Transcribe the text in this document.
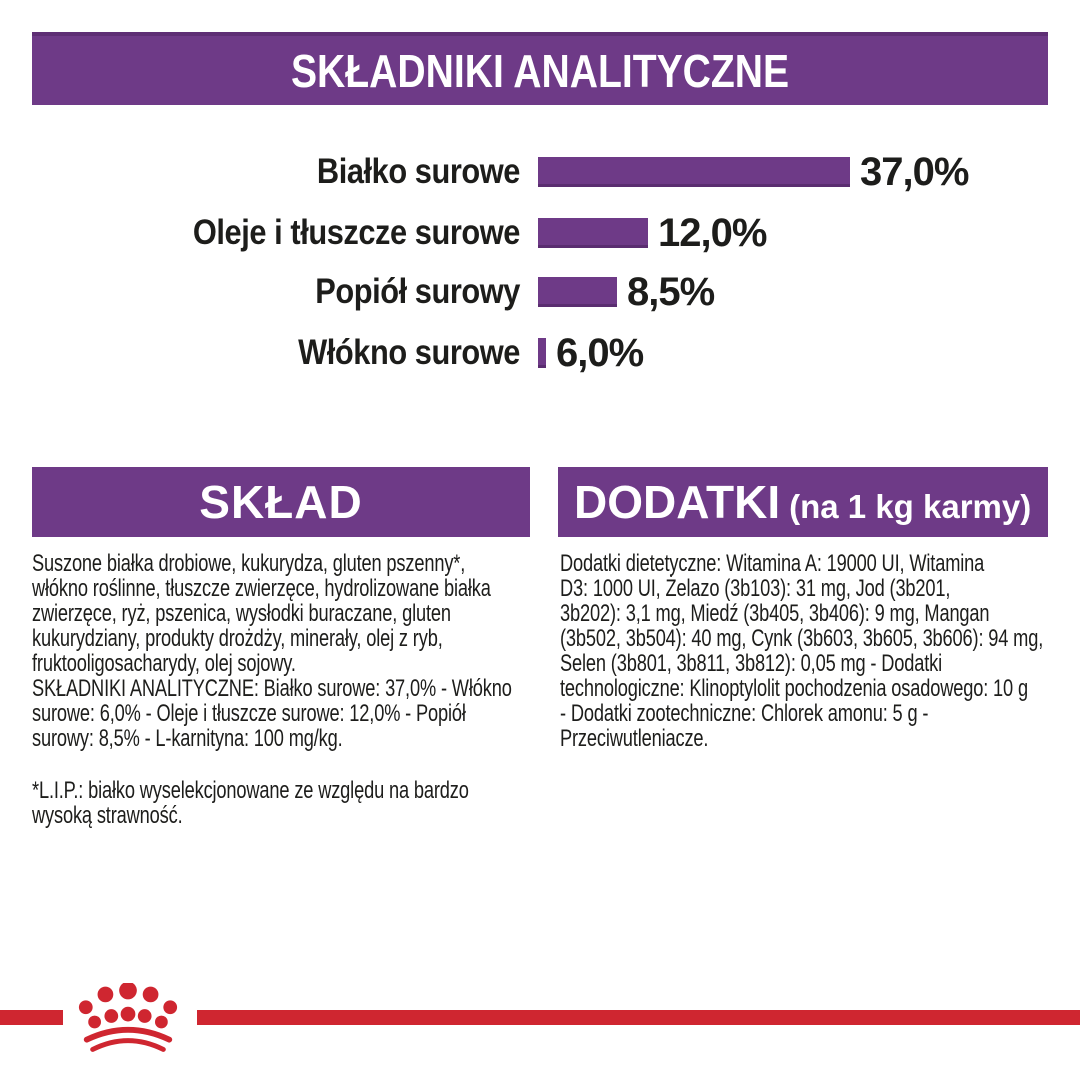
SKŁADNIKI ANALITYCZNE
Białko surowe	37,0%
Oleje i tłuszcze surowe	12,0%
Popiół surowy	8,5%
Włókno surowe 6,0%
SKŁAD	DODATKI (na 1 kg karmy)
Suszone białka drobiowe, kukurydza, gluten pszenny*,
włókno roślinne, tłuszcze zwierzęce, hydrolizowane białka
zwierzęce, ryż, pszenica, wysłodki buraczane, gluten
kukurydziany, produkty drożdży, minerały, olej z ryb,
fruktooligosacharydy, olej sojowy.
SKŁADNIKI ANALITYCZNE: Białko surowe: 37,0% - Włókno
surowe: 6,0% - Oleje i tłuszcze surowe: 12,0% - Popiół
surowy: 8,5% - L-karnityna: 100 mg/kg.
*L.I.P.: białko wyselekcjonowane ze względu na bardzo
wysoką strawność.
Dodatki dietetyczne: Witamina A: 19000 UI, Witamina
D3: 1000 UI, Żelazo (3b103): 31 mg, Jod (3b201,
3b202): 3,1 mg, Miedź (3b405, 3b406): 9 mg, Mangan
(3b502, 3b504): 40 mg, Cynk (3b603, 3b605, 3b606): 94 mg,
Selen (3b801, 3b811, 3b812): 0,05 mg - Dodatki
technologiczne: Klinoptylolit pochodzenia osadowego: 10 g
- Dodatki zootechniczne: Chlorek amonu: 5 g -
Przeciwutleniacze.
